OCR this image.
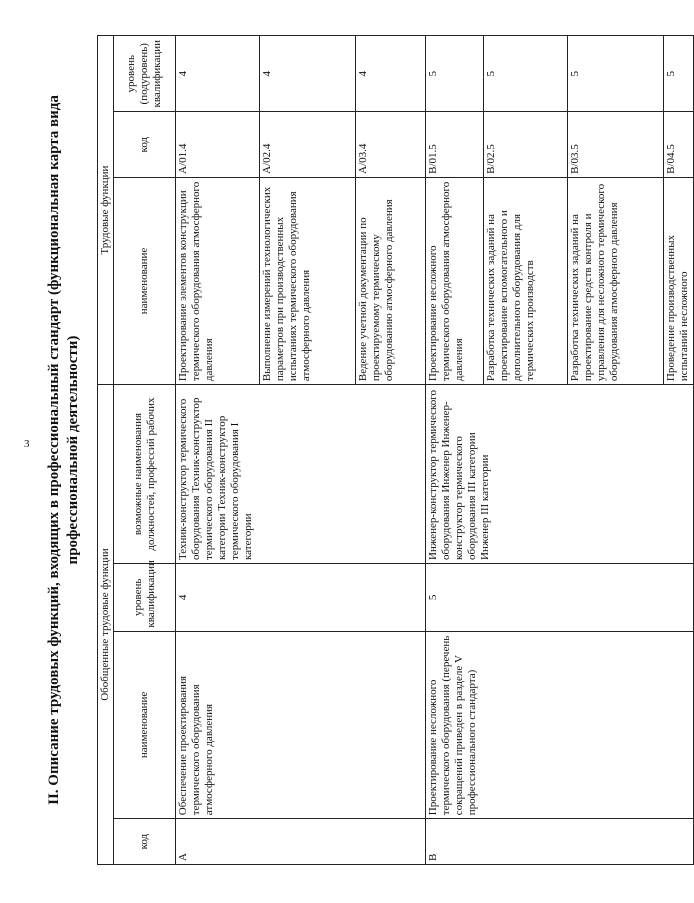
3 II. Описание трудовых функций, входящих в профессиональный стандарт (функциональная карта вида профессиональной деятельности)
Обобщенные трудовые функции				Трудовые функции		
код	наименование	уровень квалификации	возможные наименования должностей, профессий рабочих	наименование	код	уровень (подуровень) квалификации
A	Обеспечение проектирования термического оборудования атмосферного давления	4	Техник-конструктор термического оборудования Техник-конструктор термического оборудования II категории Техник-конструктор термического оборудования I категории	Проектирование элементов конструкции термического оборудования атмосферного давления	A/01.4	4
				Выполнение измерений технологических параметров при производственных испытаниях термического оборудования атмосферного давления	A/02.4	4
				Ведение учетной документации по проектируемому термическому оборудованию атмосферного давления	A/03.4	4
B	Проектирование несложного термического оборудования (перечень сокращений приведен в разделе V профессионального стандарта)	5	Инженер-конструктор термического оборудования Инженер Инженер-конструктор термического оборудования III категории Инженер III категории	Проектирование несложного термического оборудования атмосферного давления	B/01.5	5
				Разработка технических заданий на проектирование вспомогательного и дополнительного оборудования для термических производств	B/02.5	5
				Разработка технических заданий на проектирование средств контроля и управления для несложного термического оборудования атмосферного давления	B/03.5	5
				Проведение производственных испытаний несложного	B/04.5	5
